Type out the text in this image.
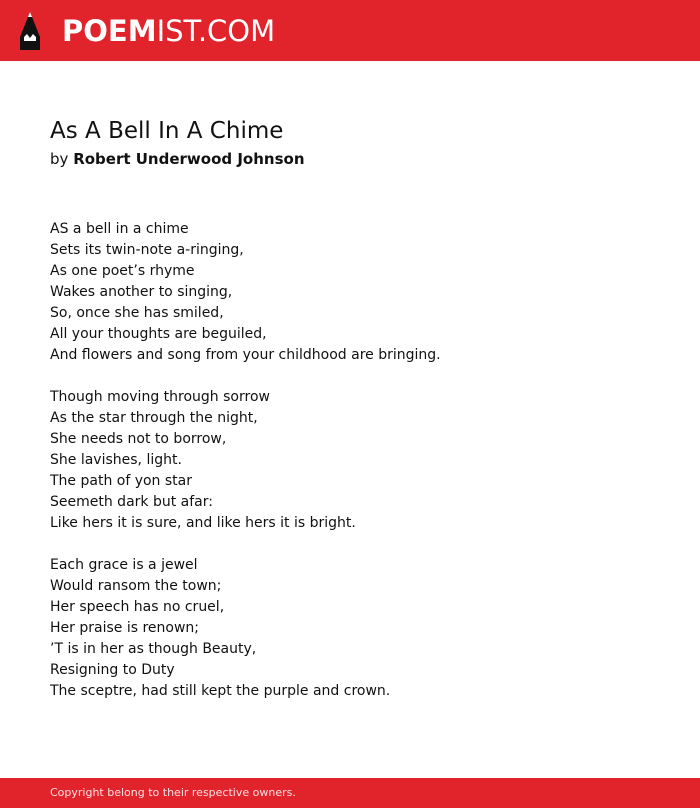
POEMIST.COM
As A Bell In A Chime
by Robert Underwood Johnson
AS a bell in a chime
Sets its twin-note a-ringing,
As one poet’s rhyme
Wakes another to singing,
So, once she has smiled,
All your thoughts are beguiled,
And flowers and song from your childhood are bringing.
Though moving through sorrow
As the star through the night,
She needs not to borrow,
She lavishes, light.
The path of yon star
Seemeth dark but afar:
Like hers it is sure, and like hers it is bright.
Each grace is a jewel
Would ransom the town;
Her speech has no cruel,
Her praise is renown;
’T is in her as though Beauty,
Resigning to Duty
The sceptre, had still kept the purple and crown.
Copyright belong to their respective owners.
